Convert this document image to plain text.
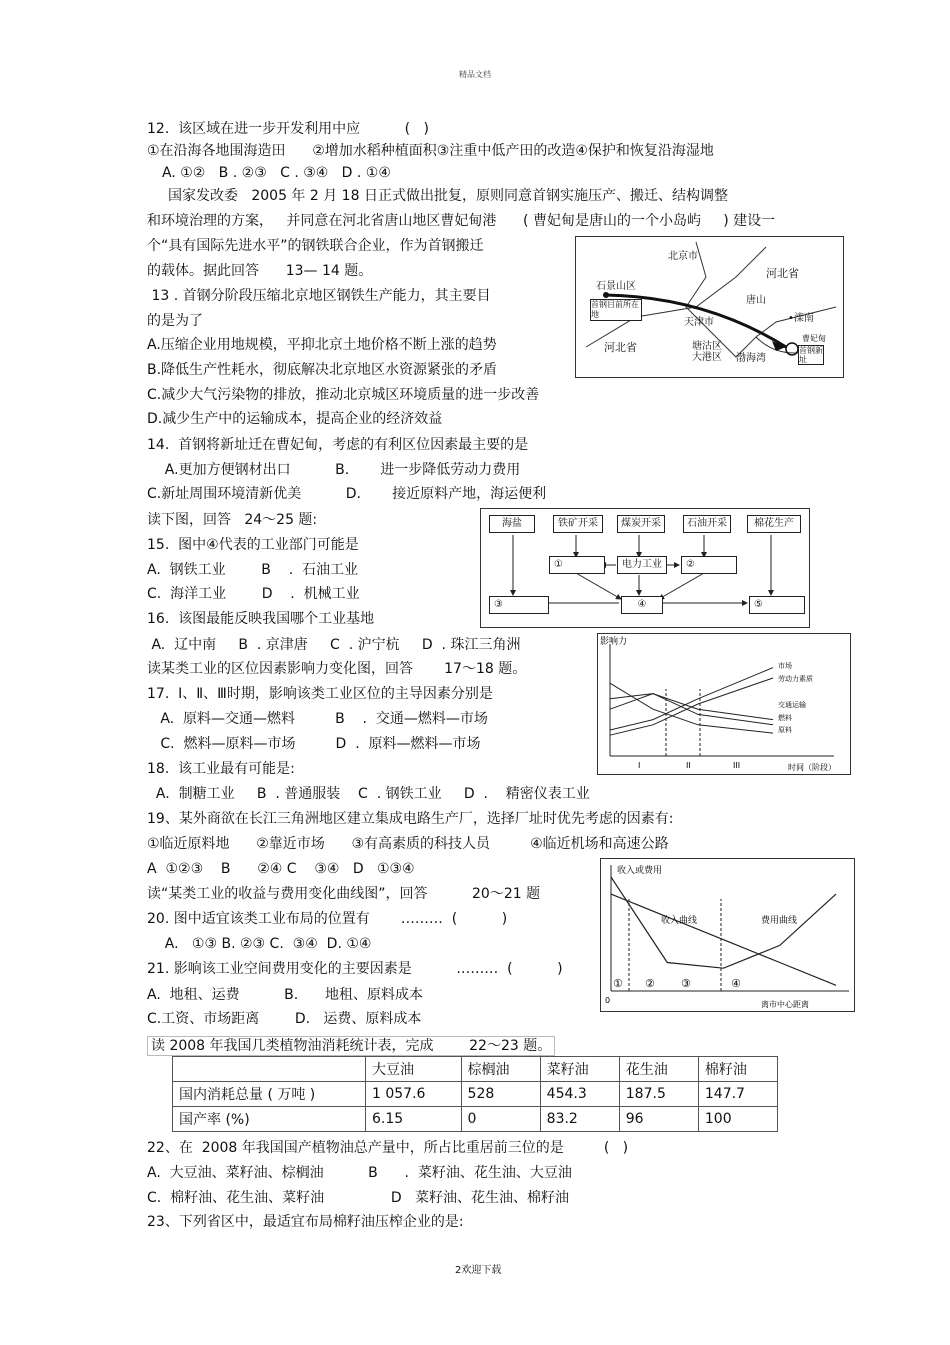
精品文档
12.  该区域在进一步开发利用中应          (   )
①在沿海各地围海造田      ②增加水稻种植面积③注重中低产田的改造④保护和恢复沿海湿地
A. ①②   B . ②③   C . ③④   D . ①④
国家发改委   2005 年 2 月 18 日正式做出批复，原则同意首钢实施压产、搬迁、结构调整
和环境治理的方案，   并同意在河北省唐山地区曹妃甸港      ( 曹妃甸是唐山的一个小岛屿     ) 建设一
个“具有国际先进水平”的钢铁联合企业，作为首钢搬迁
的载体。据此回答      13— 14 题。
13 . 首钢分阶段压缩北京地区钢铁生产能力，其主要目
的是为了
A.压缩企业用地规模，平抑北京土地价格不断上涨的趋势
B.降低生产性耗水，彻底解决北京地区水资源紧张的矛盾
C.减少大气污染物的排放，推动北京城区环境质量的进一步改善
D.减少生产中的运输成本，提高企业的经济效益
14.  首钢将新址迁在曹妃甸，考虑的有利区位因素最主要的是
A.更加方便钢材出口          B.       进一步降低劳动力费用
C.新址周围环境清新优美          D.       接近原料产地，海运便利
读下图，回答   24～25 题:
15.  图中④代表的工业部门可能是
A.  钢铁工业        B    .  石油工业
C.  海洋工业        D    .  机械工业
16.  该图最能反映我国哪个工业基地
A.  辽中南     B  . 京津唐     C  . 沪宁杭     D  . 珠江三角洲
读某类工业的区位因素影响力变化图，回答       17～18 题。
17.  Ⅰ、Ⅱ、Ⅲ时期，影响该类工业区位的主导因素分别是
A.  原料—交通—燃料         B    .  交通—燃料—市场
C.  燃料—原料—市场         D  .  原料—燃料—市场
18.  该工业最有可能是:
A.  制糖工业     B  . 普通服装    C  . 钢铁工业     D  .    精密仪表工业
19、某外商欲在长江三角洲地区建立集成电路生产厂，选择厂址时优先考虑的因素有:
①临近原料地      ②靠近市场      ③有高素质的科技人员         ④临近机场和高速公路
A  ①②③    B      ②④ C    ③④   D   ①③④
读“某类工业的收益与费用变化曲线图”，回答          20～21 题
20. 图中适宜该类工业布局的位置有       ………  (          )
A.   ①③ B. ②③ C.  ③④  D. ①④
21. 影响该工业空间费用变化的主要因素是          ………  (          )
A.  地租、运费          B.      地租、原料成本
C.工资、市场距离        D.   运费、原料成本
读 2008 年我国几类植物油消耗统计表，完成        22～23 题。
22、在  2008 年我国国产植物油总产量中，所占比重居前三位的是         (   )
A.  大豆油、菜籽油、棕榈油          B      .  菜籽油、花生油、大豆油
C.  棉籽油、花生油、菜籽油               D   菜籽油、花生油、棉籽油
23、下列省区中，最适宜布局棉籽油压榨企业的是:
北京市
石景山区
河北省
首钢目前所在地
天津市
唐山
•滦南
河北省	塘沽区
大港区 渤海湾
首钢新址
曹妃甸
海盐	铁矿开采	煤炭开采	石油开采	棉花生产
①	电力工业	②
③	④	⑤
影响力
时间（阶段）
I	II	III
市场
劳动力素质
交通运输
燃料
原料
收入或费用
离市中心距离
0
收入曲线	费用曲线
① ② ③	④
	大豆油	棕榈油	菜籽油	花生油	棉籽油
国内消耗总量 ( 万吨 )	1 057.6	528	454.3	187.5	147.7
国产率 (%)	6.15	0	83.2	96	100
2欢迎下载
